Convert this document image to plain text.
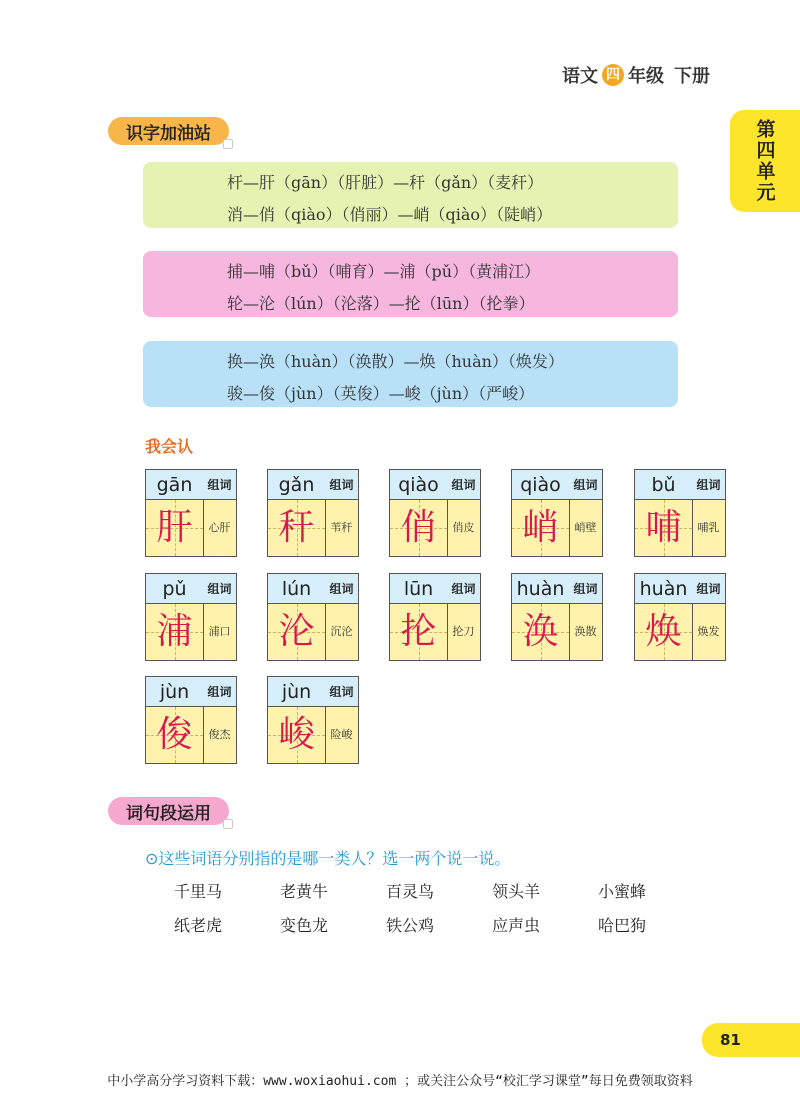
语文 四 年级 下册
第四单元
识字加油站
杆—肝（gān）（肝脏）—秆（gǎn）（麦秆）
消—俏（qiào）（俏丽）—峭（qiào）（陡峭）
捕—哺（bǔ）（哺育）—浦（pǔ）（黄浦江）
轮—沦（lún）（沦落）—抡（lūn）（抡拳）
换—涣（huàn）（涣散）—焕（huàn）（焕发）
骏—俊（jùn）（英俊）—峻（jùn）（严峻）
我会认
gān	组词
肝	心肝
gǎn	组词
秆	苇秆
qiào	组词
俏	俏皮
qiào	组词
峭	峭壁
bǔ	组词
哺	哺乳
pǔ	组词
浦	浦口
lún	组词
沦	沉沦
lūn	组词
抡	抡刀
huàn 组词
涣	涣散
huàn 组词
焕	焕发
jùn	组词
俊	俊杰
jùn	组词
峻	险峻
词句段运用
⊙这些词语分别指的是哪一类人？选一两个说一说。
千里马	老黄牛	百灵鸟	领头羊	小蜜蜂
纸老虎	变色龙	铁公鸡	应声虫	哈巴狗
81
中小学高分学习资料下载：www.woxiaohui.com ；或关注公众号“校汇学习课堂”每日免费领取资料
